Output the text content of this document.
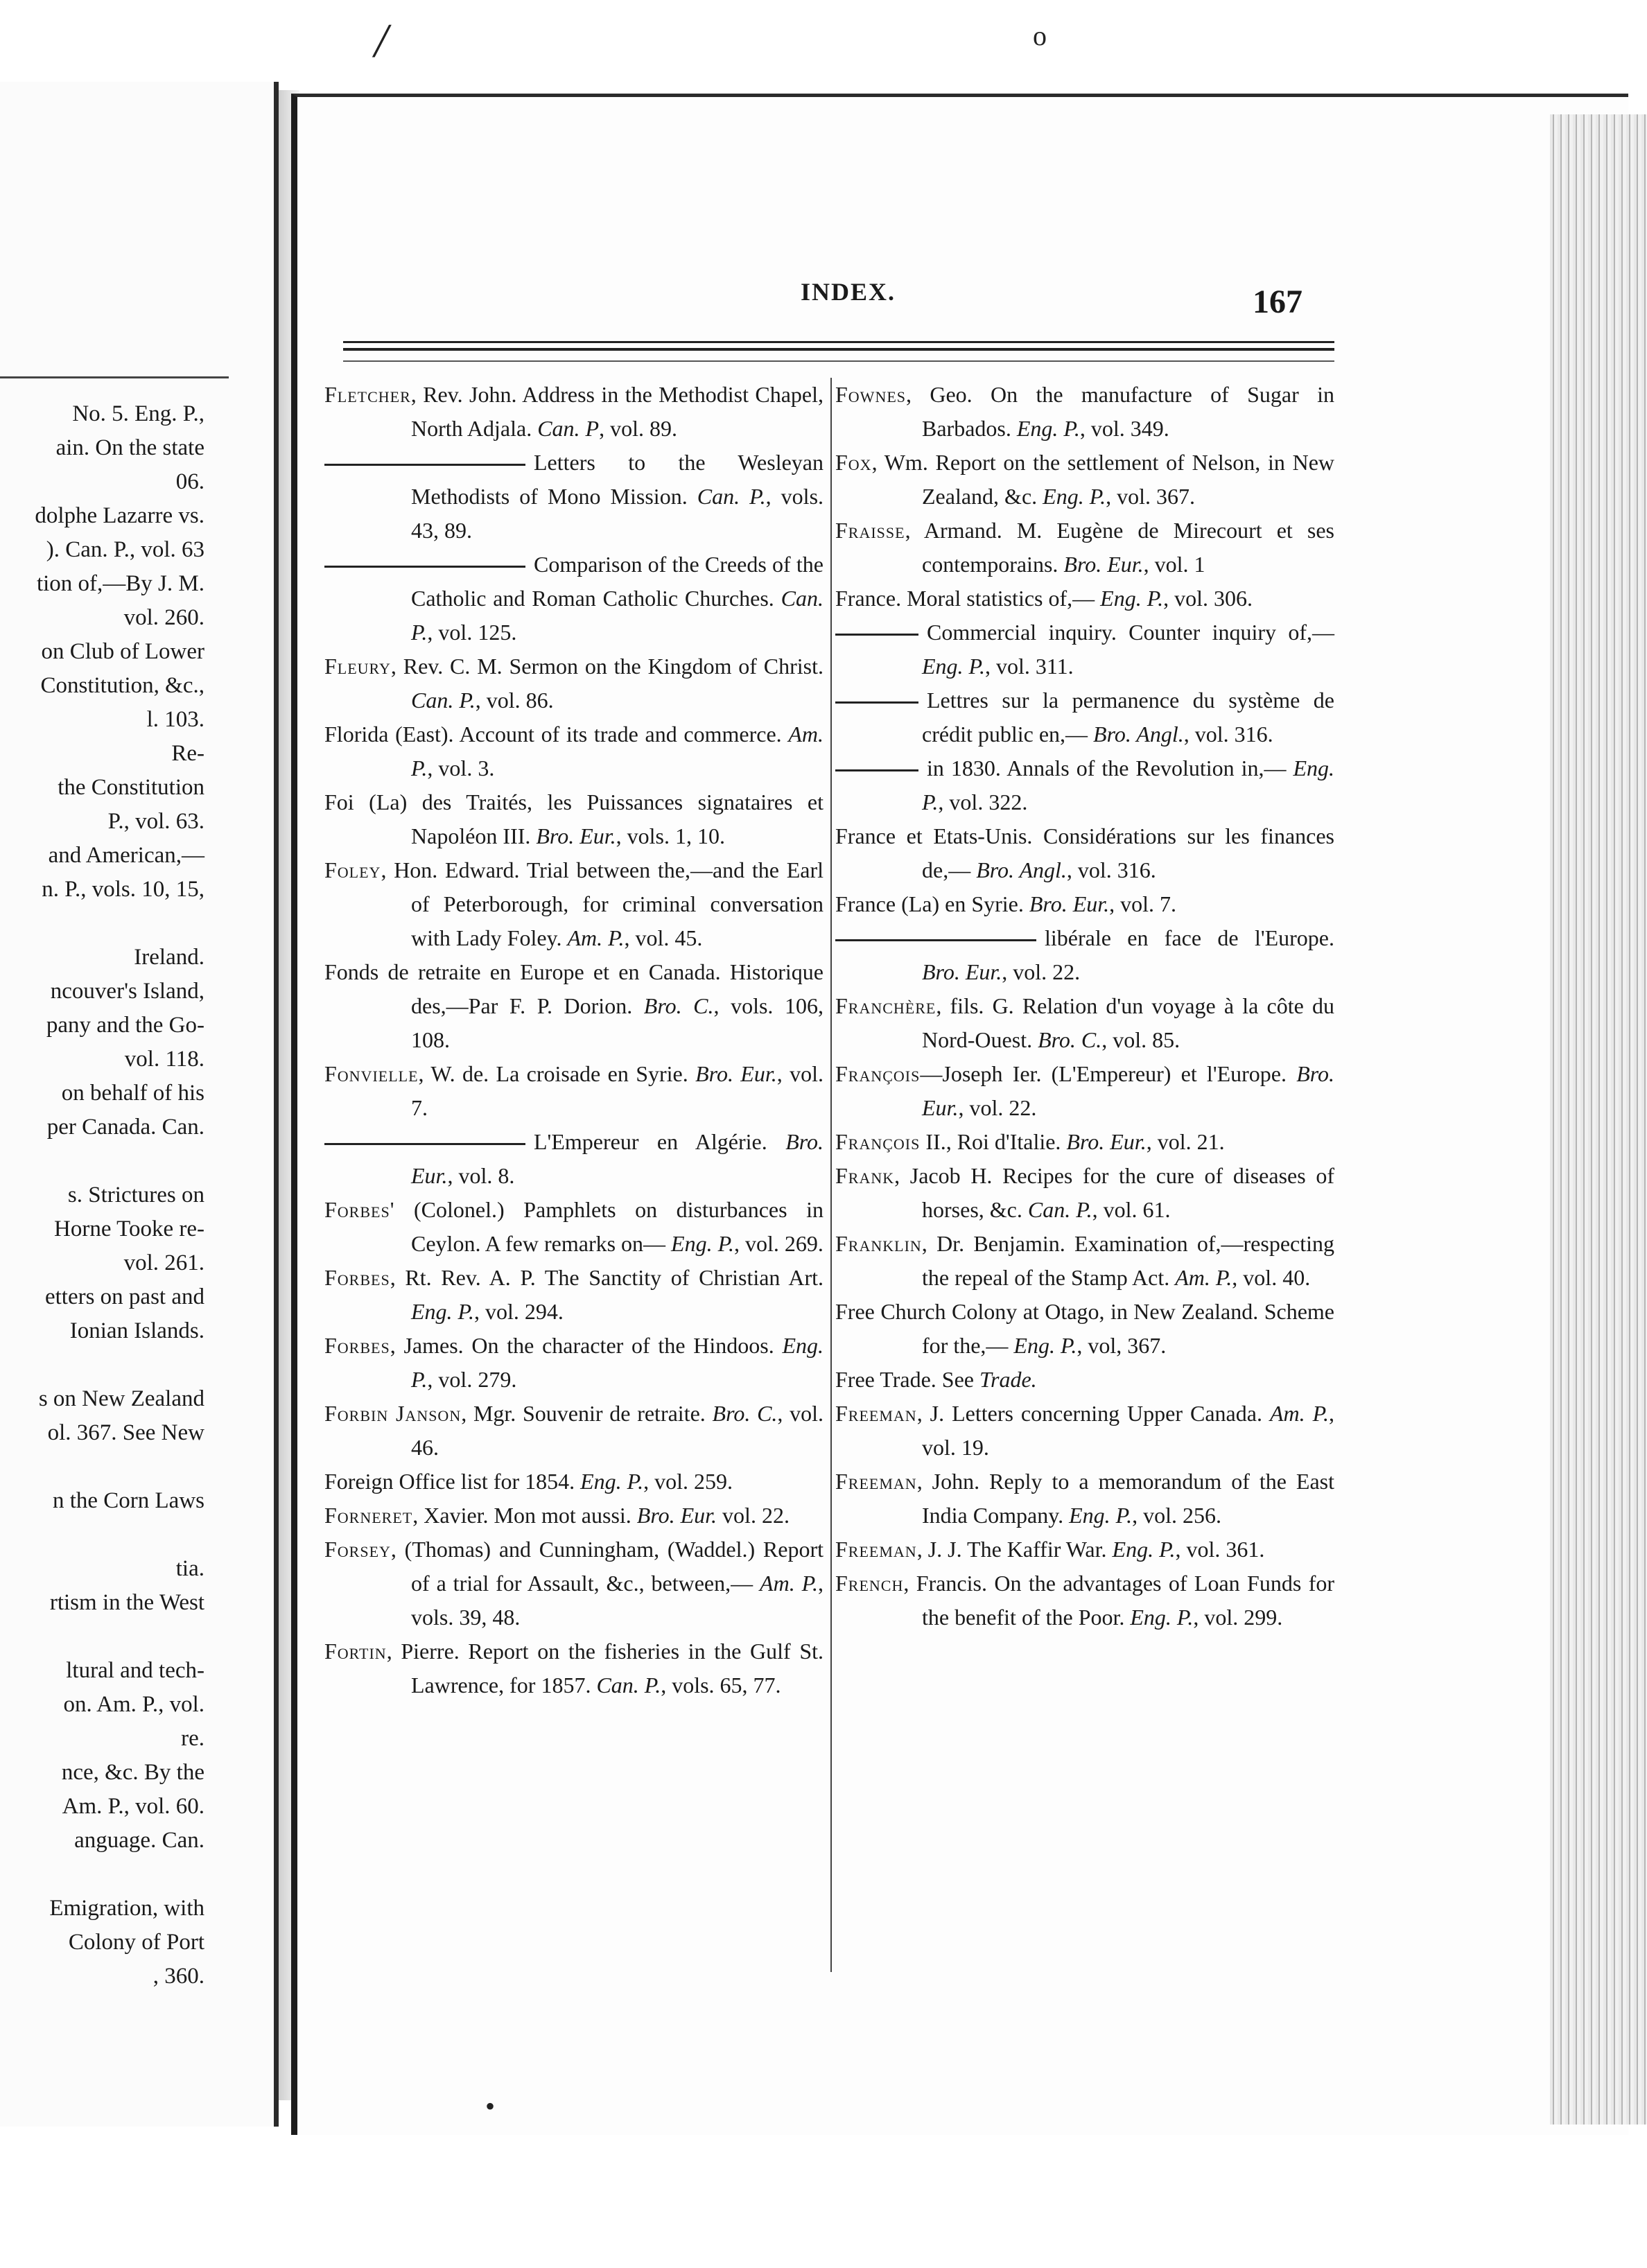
No. 5. Eng. P.,
ain. On the state
06.
dolphe Lazarre vs.
). Can. P., vol. 63
tion of,—By J. M.
vol. 260.
on Club of Lower
Constitution, &c.,
l. 103.
Re-
the Constitution
P., vol. 63.
and American,—
n. P., vols. 10, 15,

Ireland.
ncouver's Island,
pany and the Go-
vol. 118.
on behalf of his
per Canada. Can.

s. Strictures on
Horne Tooke re-
vol. 261.
etters on past and
Ionian Islands.

s on New Zealand
ol. 367. See New

n the Corn Laws

tia.
rtism in the West

ltural and tech-
on. Am. P., vol.
re.
nce, &c. By the
Am. P., vol. 60.
anguage. Can.

Emigration, with
Colony of Port
, 360.
INDEX.	167
Fletcher, Rev. John. Address in the Methodist Chapel, North Adjala. Can. P, vol. 89.
Letters to the Wesleyan Methodists of Mono Mission. Can. P., vols. 43, 89.
Comparison of the Creeds of the Catholic and Roman Catholic Churches. Can. P., vol. 125.
Fleury, Rev. C. M. Sermon on the Kingdom of Christ. Can. P., vol. 86.
Florida (East). Account of its trade and commerce. Am. P., vol. 3.
Foi (La) des Traités, les Puissances signataires et Napoléon III. Bro. Eur., vols. 1, 10.
Foley, Hon. Edward. Trial between the,—and the Earl of Peterborough, for criminal conversation with Lady Foley. Am. P., vol. 45.
Fonds de retraite en Europe et en Canada. Historique des,—Par F. P. Dorion. Bro. C., vols. 106, 108.
Fonvielle, W. de. La croisade en Syrie. Bro. Eur., vol. 7.
L'Empereur en Algérie. Bro. Eur., vol. 8.
Forbes' (Colonel.) Pamphlets on disturbances in Ceylon. A few remarks on— Eng. P., vol. 269.
Forbes, Rt. Rev. A. P. The Sanctity of Christian Art. Eng. P., vol. 294.
Forbes, James. On the character of the Hindoos. Eng. P., vol. 279.
Forbin Janson, Mgr. Souvenir de retraite. Bro. C., vol. 46.
Foreign Office list for 1854. Eng. P., vol. 259.
Forneret, Xavier. Mon mot aussi. Bro. Eur. vol. 22.
Forsey, (Thomas) and Cunningham, (Waddel.) Report of a trial for Assault, &c., between,— Am. P., vols. 39, 48.
Fortin, Pierre. Report on the fisheries in the Gulf St. Lawrence, for 1857. Can. P., vols. 65, 77.
Fownes, Geo. On the manufacture of Sugar in Barbados. Eng. P., vol. 349.
Fox, Wm. Report on the settlement of Nelson, in New Zealand, &c. Eng. P., vol. 367.
Fraisse, Armand. M. Eugène de Mirecourt et ses contemporains. Bro. Eur., vol. 1
France. Moral statistics of,— Eng. P., vol. 306.
Commercial inquiry. Counter inquiry of,— Eng. P., vol. 311.
Lettres sur la permanence du système de crédit public en,— Bro. Angl., vol. 316.
in 1830. Annals of the Revolution in,— Eng. P., vol. 322.
France et Etats-Unis. Considérations sur les finances de,— Bro. Angl., vol. 316.
France (La) en Syrie. Bro. Eur., vol. 7.
libérale en face de l'Europe. Bro. Eur., vol. 22.
Franchère, fils. G. Relation d'un voyage à la côte du Nord-Ouest. Bro. C., vol. 85.
François—Joseph Ier. (L'Empereur) et l'Europe. Bro. Eur., vol. 22.
François II., Roi d'Italie. Bro. Eur., vol. 21.
Frank, Jacob H. Recipes for the cure of diseases of horses, &c. Can. P., vol. 61.
Franklin, Dr. Benjamin. Examination of,—respecting the repeal of the Stamp Act. Am. P., vol. 40.
Free Church Colony at Otago, in New Zealand. Scheme for the,— Eng. P., vol, 367.
Free Trade. See Trade.
Freeman, J. Letters concerning Upper Canada. Am. P., vol. 19.
Freeman, John. Reply to a memorandum of the East India Company. Eng. P., vol. 256.
Freeman, J. J. The Kaffir War. Eng. P., vol. 361.
French, Francis. On the advantages of Loan Funds for the benefit of the Poor. Eng. P., vol. 299.
/	o
•
